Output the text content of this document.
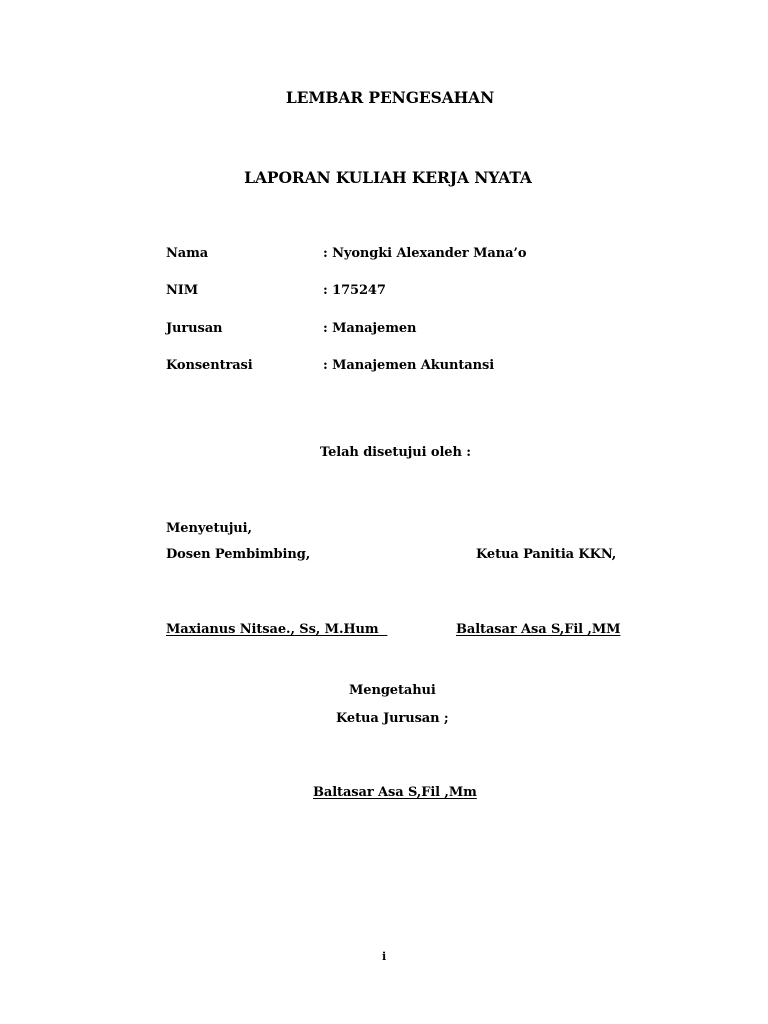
LEMBAR PENGESAHAN
LAPORAN KULIAH KERJA NYATA
Nama	: Nyongki Alexander Mana’o
NIM	: 175247
Jurusan	: Manajemen
Konsentrasi	: Manajemen Akuntansi
Telah disetujui oleh :
Menyetujui,
Dosen Pembimbing,	Ketua Panitia KKN,
Maxianus Nitsae., Ss, M.Hum	Baltasar Asa S,Fil ,MM
Mengetahui
Ketua Jurusan ;
Baltasar Asa S,Fil ,Mm
i
